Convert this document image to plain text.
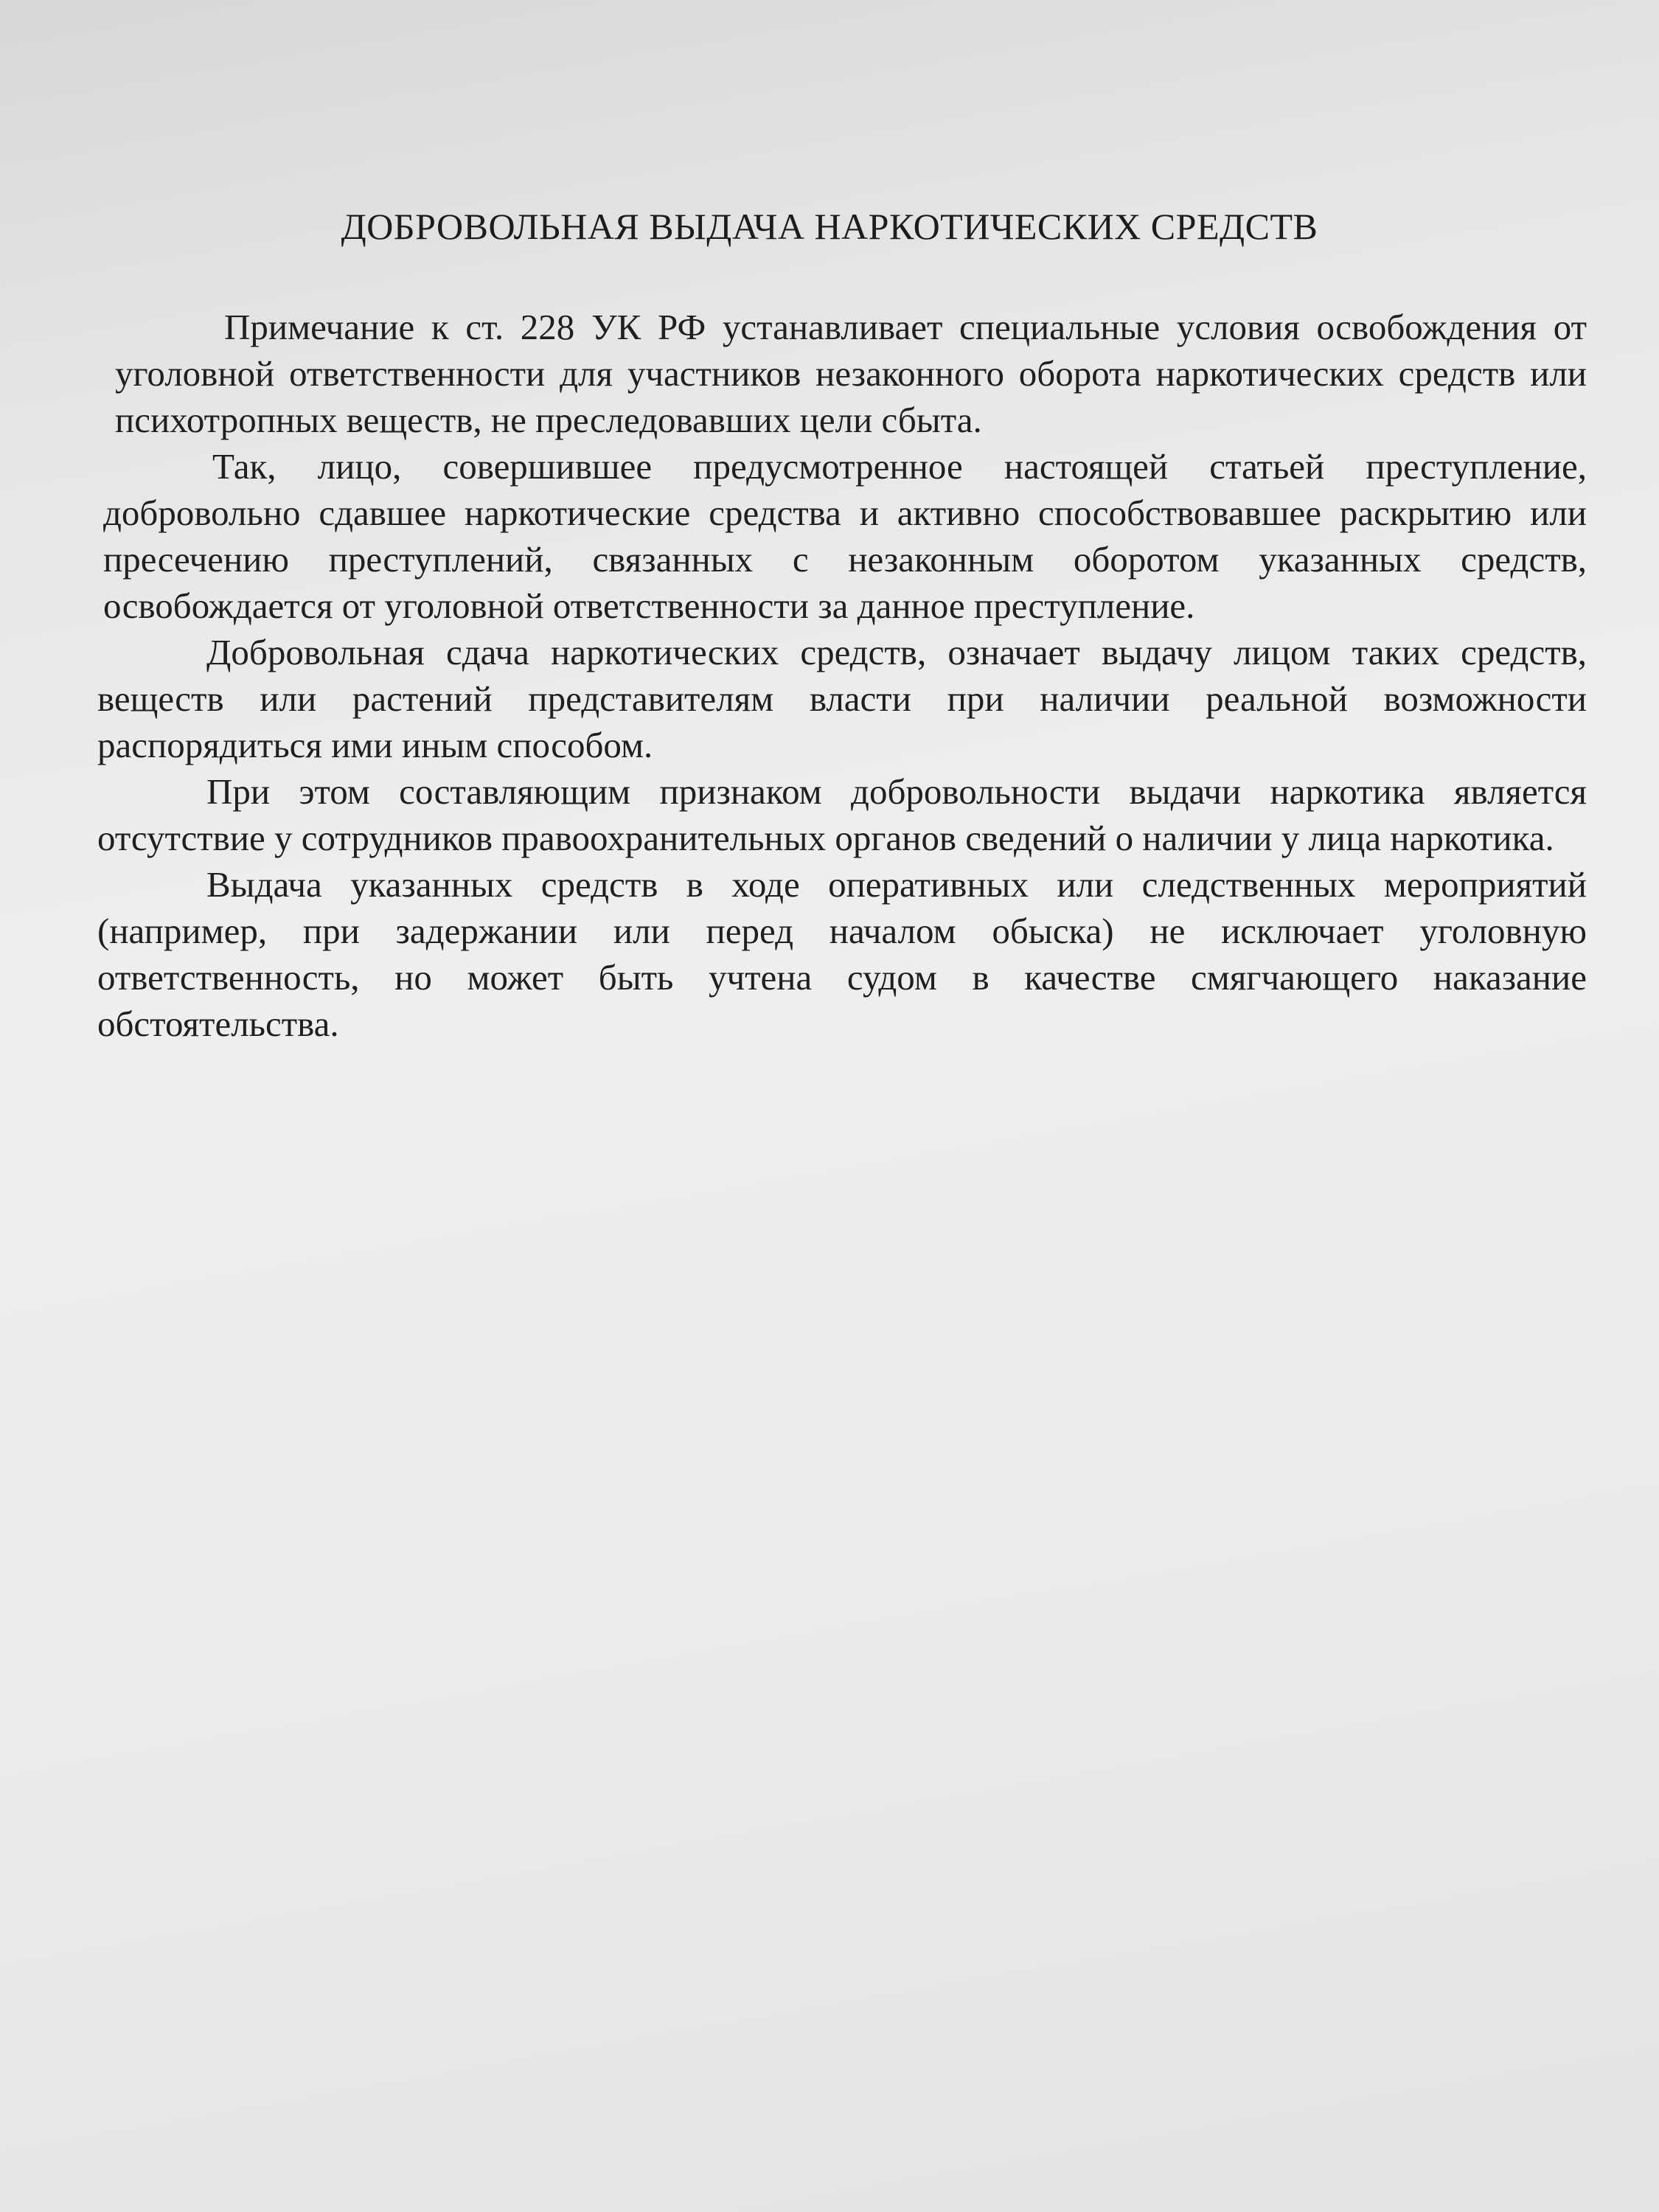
ДОБРОВОЛЬНАЯ ВЫДАЧА НАРКОТИЧЕСКИХ СРЕДСТВ

Примечание к ст. 228 УК РФ устанавливает специальные условия освобождения от уголовной ответственности для участников незаконного оборота наркотических средств или психотропных веществ, не преследовавших цели сбыта.

Так, лицо, совершившее предусмотренное настоящей статьей преступление, добровольно сдавшее наркотические средства и активно способствовавшее раскрытию или пресечению преступлений, связанных с незаконным оборотом указанных средств, освобождается от уголовной ответственности за данное преступление.

Добровольная сдача наркотических средств, означает выдачу лицом таких средств, веществ или растений представителям власти при наличии реальной возможности распорядиться ими иным способом.

При этом составляющим признаком добровольности выдачи наркотика является отсутствие у сотрудников правоохранительных органов сведений о наличии у лица наркотика.

Выдача указанных средств в ходе оперативных или следственных мероприятий (например, при задержании или перед началом обыска) не исключает уголовную ответственность, но может быть учтена судом в качестве смягчающего наказание обстоятельства.
